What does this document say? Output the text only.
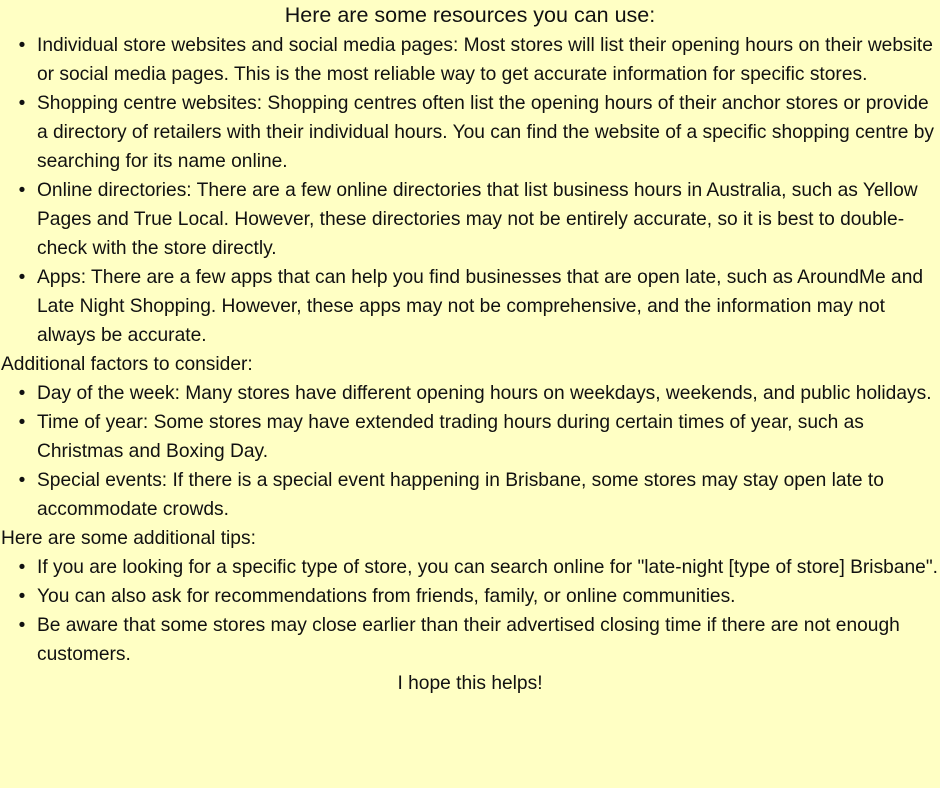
Here are some resources you can use:
• Individual store websites and social media pages: Most stores will list their opening hours on their website or social media pages. This is the most reliable way to get accurate information for specific stores.
• Shopping centre websites: Shopping centres often list the opening hours of their anchor stores or provide a directory of retailers with their individual hours. You can find the website of a specific shopping centre by searching for its name online.
• Online directories: There are a few online directories that list business hours in Australia, such as Yellow Pages and True Local. However, these directories may not be entirely accurate, so it is best to double-check with the store directly.
• Apps: There are a few apps that can help you find businesses that are open late, such as AroundMe and Late Night Shopping. However, these apps may not be comprehensive, and the information may not always be accurate.

Additional factors to consider:

• Day of the week: Many stores have different opening hours on weekdays, weekends, and public holidays.
• Time of year: Some stores may have extended trading hours during certain times of year, such as Christmas and Boxing Day.
• Special events: If there is a special event happening in Brisbane, some stores may stay open late to accommodate crowds.

Here are some additional tips:

• If you are looking for a specific type of store, you can search online for "late-night [type of store] Brisbane".
• You can also ask for recommendations from friends, family, or online communities.
• Be aware that some stores may close earlier than their advertised closing time if there are not enough customers.

I hope this helps!
